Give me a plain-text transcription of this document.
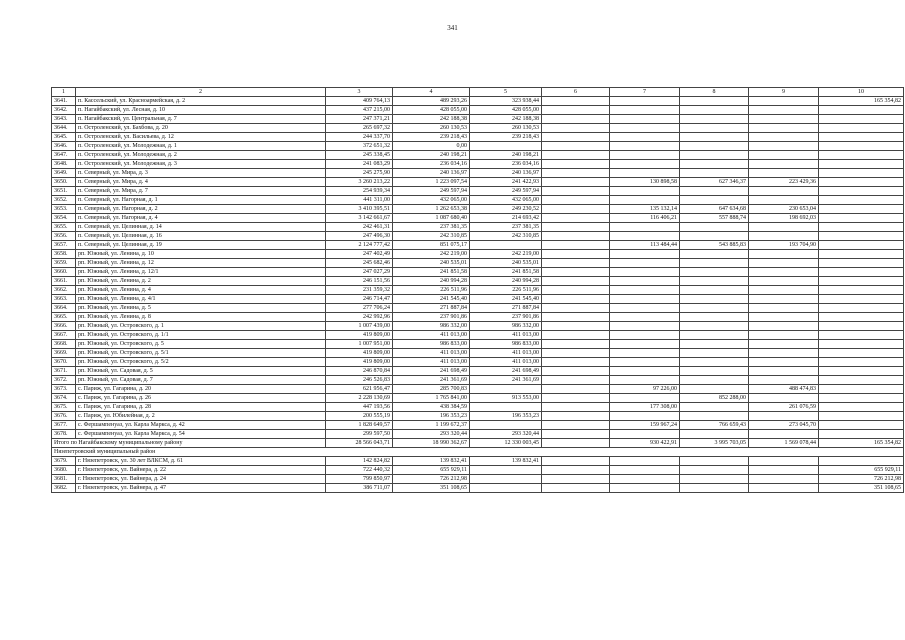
341
1	2	3	4	5	6	7	8	9	10
3641.	п. Кассельский, ул. Красноармейская, д. 2	409 764,13	489 293,26	323 938,44					165 354,82
3642.	п. Нагайбакский, ул. Лесная, д. 10	437 215,00	428 055,00	428 055,00					
3643.	п. Нагайбакский, ул. Центральная, д. 7	247 371,21	242 188,38	242 188,38					
3644.	п. Остроленский, ул. Бахбова, д. 20	265 697,32	260 130,53	260 130,53					
3645.	п. Остроленский, ул. Васильева, д. 12	244 337,70	239 218,43	239 218,43					
3646.	п. Остроленский, ул. Молодежная, д. 1	372 651,32	0,00						
3647.	п. Остроленский, ул. Молодежная, д. 2	245 338,45	240 198,21	240 198,21					
3648.	п. Остроленский, ул. Молодежная, д. 3	241 083,29	236 034,16	236 034,16					
3649.	п. Северный, ул. Мира, д. 3	245 275,90	240 136,97	240 136,97					
3650.	п. Северный, ул. Мира, д. 4	3 260 213,22	1 223 097,54	241 422,93		130 898,58	627 346,37	223 429,36	
3651.	п. Северный, ул. Мира, д. 7	254 939,34	249 597,94	249 597,94					
3652.	п. Северный, ул. Нагорная, д. 1	441 311,00	432 065,00	432 065,00					
3653.	п. Северный, ул. Нагорная, д. 2	3 410 395,51	1 262 653,38	249 230,52		135 132,14	647 634,68	230 653,04	
3654.	п. Северный, ул. Нагорная, д. 4	3 142 661,67	1 087 680,40	214 693,42		116 406,21	557 888,74	198 692,03	
3655.	п. Северный, ул. Целинная, д. 14	242 461,31	237 381,35	237 381,35					
3656.	п. Северный, ул. Целинная, д. 16	247 496,30	242 310,85	242 310,85					
3657.	п. Северный, ул. Целинная, д. 19	2 124 777,42	851 075,17			113 484,44	543 885,83	193 704,90	
3658.	рп. Южный, ул. Ленина, д. 10	247 402,49	242 219,00	242 219,00					
3659.	рп. Южный, ул. Ленина, д. 12	245 682,46	240 535,01	240 535,01					
3660.	рп. Южный, ул. Ленина, д. 12/1	247 027,29	241 851,58	241 851,58					
3661.	рп. Южный, ул. Ленина, д. 2	246 151,56	240 994,28	240 994,28					
3662.	рп. Южный, ул. Ленина, д. 4	231 359,32	226 511,96	226 511,96					
3663.	рп. Южный, ул. Ленина, д. 4/1	246 714,47	241 545,40	241 545,40					
3664.	рп. Южный, ул. Ленина, д. 5	277 706,24	271 887,84	271 887,84					
3665.	рп. Южный, ул. Ленина, д. 8	242 992,96	237 901,86	237 901,86					
3666.	рп. Южный, ул. Островского, д. 1	1 007 439,00	986 332,00	986 332,00					
3667.	рп. Южный, ул. Островского, д. 1/1	419 809,00	411 013,00	411 013,00					
3668.	рп. Южный, ул. Островского, д. 5	1 007 951,00	986 833,00	986 833,00					
3669.	рп. Южный, ул. Островского, д. 5/1	419 809,00	411 013,00	411 013,00					
3670.	рп. Южный, ул. Островского, д. 5/2	419 809,00	411 013,00	411 013,00					
3671.	рп. Южный, ул. Садовая, д. 5	246 870,84	241 698,49	241 698,49					
3672.	рп. Южный, ул. Садовая, д. 7	246 526,83	241 361,69	241 361,69					
3673.	с. Париж, ул. Гагарина, д. 20	621 956,47	285 700,83			97 226,00		488 474,83	
3674.	с. Париж, ул. Гагарина, д. 26	2 228 130,69	1 765 841,00	913 553,00			852 288,00		
3675.	с. Париж, ул. Гагарина, д. 28	447 193,56	438 384,59			177 308,00		261 076,59	
3676.	с. Париж, ул. Юбилейная, д. 2	200 555,19	196 353,23	196 353,23					
3677.	с. Фершампенуаз, ул. Карла Маркса, д. 42	1 828 649,57	1 199 672,37			159 967,24	766 659,43	273 045,70	
3678.	с. Фершампенуаз, ул. Карла Маркса, д. 54	299 597,50	293 320,44	293 320,44					
Итого по Нагайбакскому муниципальному району		28 566 043,71	18 990 362,67	12 330 003,45		930 422,91	3 995 703,05	1 569 078,44	165 354,82
Нязепетровский муниципальный район									
3679.	г. Нязепетровск, ул. 30 лет ВЛКСМ, д. 61	142 824,82	139 832,41	139 832,41					
3680.	г. Нязепетровск, ул. Вайнера, д. 22	722 440,32	655 929,11						655 929,11
3681.	г. Нязепетровск, ул. Вайнера, д. 24	799 850,97	726 212,98						726 212,98
3682.	г. Нязепетровск, ул. Вайнера, д. 47	386 711,07	351 108,65						351 108,65
